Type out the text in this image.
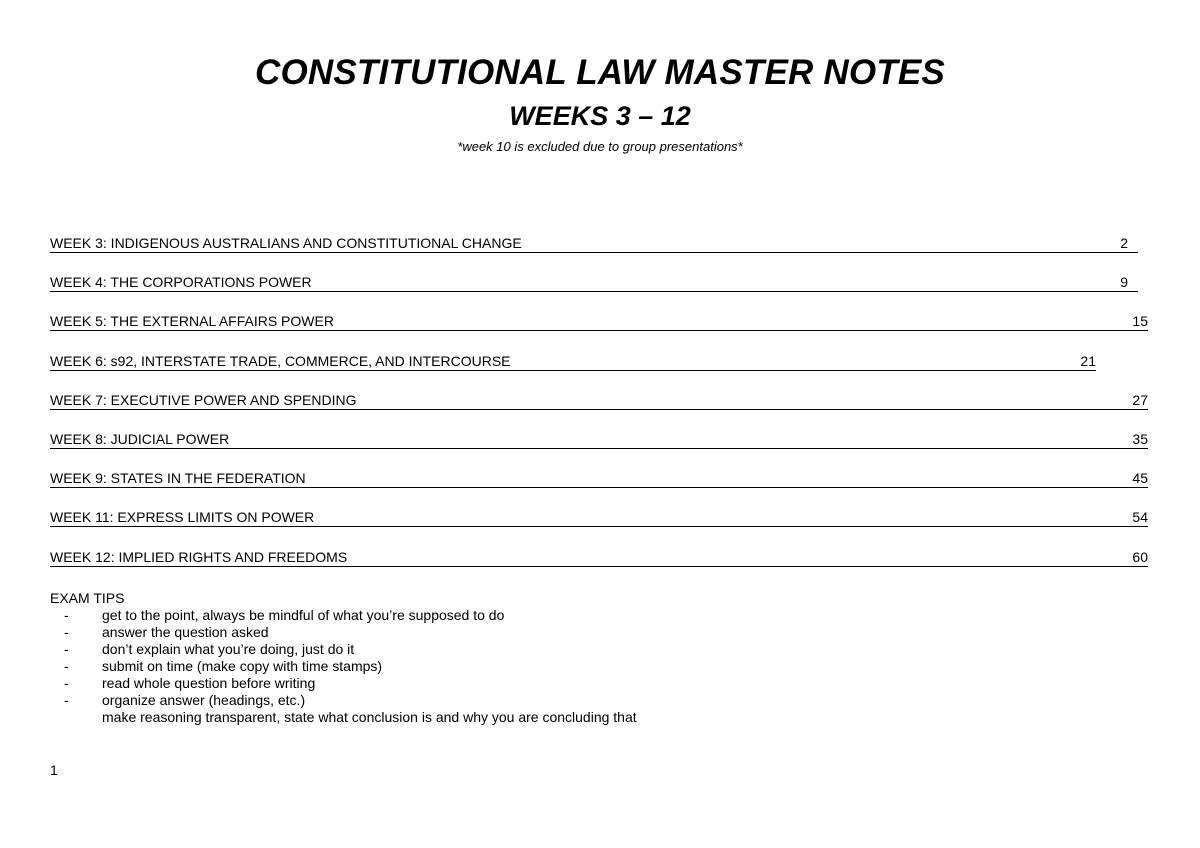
CONSTITUTIONAL LAW MASTER NOTES
WEEKS 3 – 12

*week 10 is excluded due to group presentations*

WEEK 3: INDIGENOUS AUSTRALIANS AND CONSTITUTIONAL CHANGE	2
WEEK 4: THE CORPORATIONS POWER	9
WEEK 5: THE EXTERNAL AFFAIRS POWER	15
WEEK 6: s92, INTERSTATE TRADE, COMMERCE, AND INTERCOURSE	21
WEEK 7: EXECUTIVE POWER AND SPENDING	27
WEEK 8: JUDICIAL POWER	35
WEEK 9: STATES IN THE FEDERATION	45
WEEK 11: EXPRESS LIMITS ON POWER	54
WEEK 12: IMPLIED RIGHTS AND FREEDOMS	60
EXAM TIPS
- get to the point, always be mindful of what you’re supposed to do
- answer the question asked
- don’t explain what you’re doing, just do it
- submit on time (make copy with time stamps)
- read whole question before writing
- organize answer (headings, etc.)
make reasoning transparent, state what conclusion is and why you are concluding that
1
